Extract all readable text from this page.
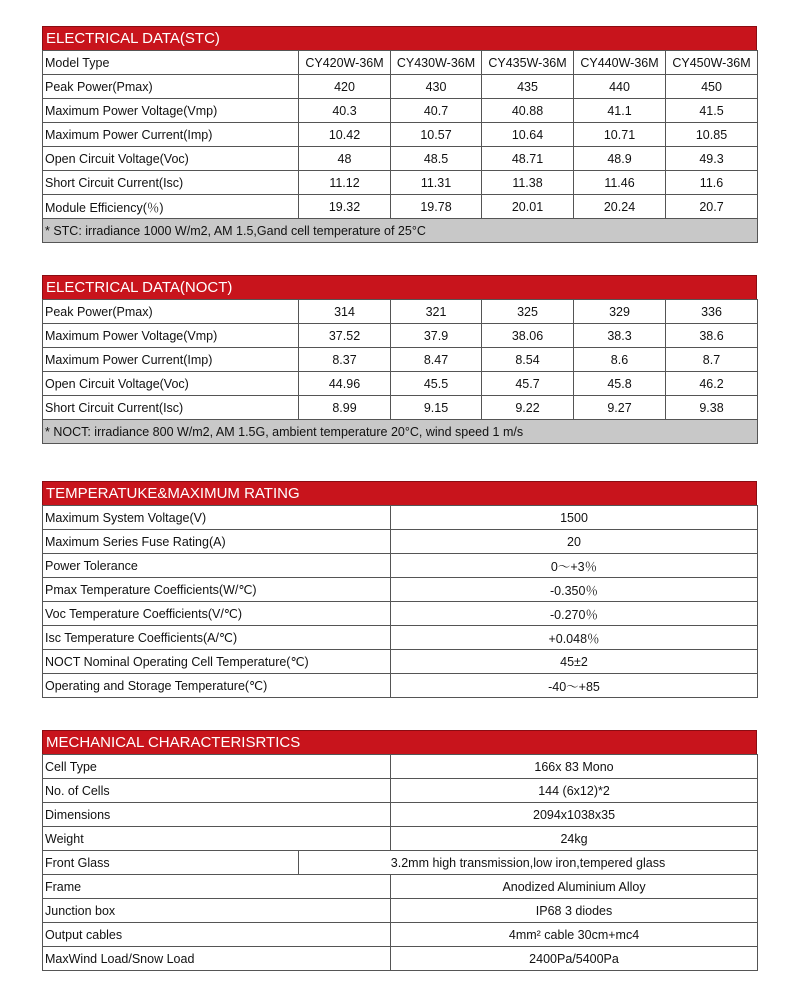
ELECTRICAL DATA(STC)
Model Type	CY420W-36M	CY430W-36M	CY435W-36M	CY440W-36M	CY450W-36M
Peak Power(Pmax)	420	430	435	440	450
Maximum Power Voltage(Vmp)	40.3	40.7	40.88	41.1	41.5
Maximum Power Current(Imp)	10.42	10.57	10.64	10.71	10.85
Open Circuit Voltage(Voc)	48	48.5	48.71	48.9	49.3
Short Circuit Current(Isc)	11.12	11.31	11.38	11.46	11.6
Module Efficiency(％)	19.32	19.78	20.01	20.24	20.7
* STC: irradiance 1000 W/m2, AM 1.5,Gand cell temperature of 25°C					
ELECTRICAL DATA(NOCT)
Peak Power(Pmax)	314	321	325	329	336
Maximum Power Voltage(Vmp)	37.52	37.9	38.06	38.3	38.6
Maximum Power Current(Imp)	8.37	8.47	8.54	8.6	8.7
Open Circuit Voltage(Voc)	44.96	45.5	45.7	45.8	46.2
Short Circuit Current(Isc)	8.99	9.15	9.22	9.27	9.38
* NOCT: irradiance 800 W/m2, AM 1.5G, ambient temperature 20°C, wind speed 1 m/s					
TEMPERATUKE&MAXIMUM RATING
Maximum System Voltage(V)	1500
Maximum Series Fuse Rating(A)	20
Power Tolerance	0～+3％
Pmax Temperature Coefficients(W/℃)	-0.350％
Voc Temperature Coefficients(V/℃)	-0.270％
Isc Temperature Coefficients(A/℃)	+0.048％
NOCT Nominal Operating Cell Temperature(℃)	45±2
Operating and Storage Temperature(℃)	-40～+85
MECHANICAL CHARACTERISRTICS
Cell Type		166x 83 Mono
No. of Cells		144 (6x12)*2
Dimensions		2094x1038x35
Weight		24kg
Front Glass	3.2mm high transmission,low iron,tempered glass	
Frame		Anodized Aluminium Alloy
Junction box		IP68 3 diodes
Output cables		4mm² cable 30cm+mc4
MaxWind Load/Snow Load		2400Pa/5400Pa
